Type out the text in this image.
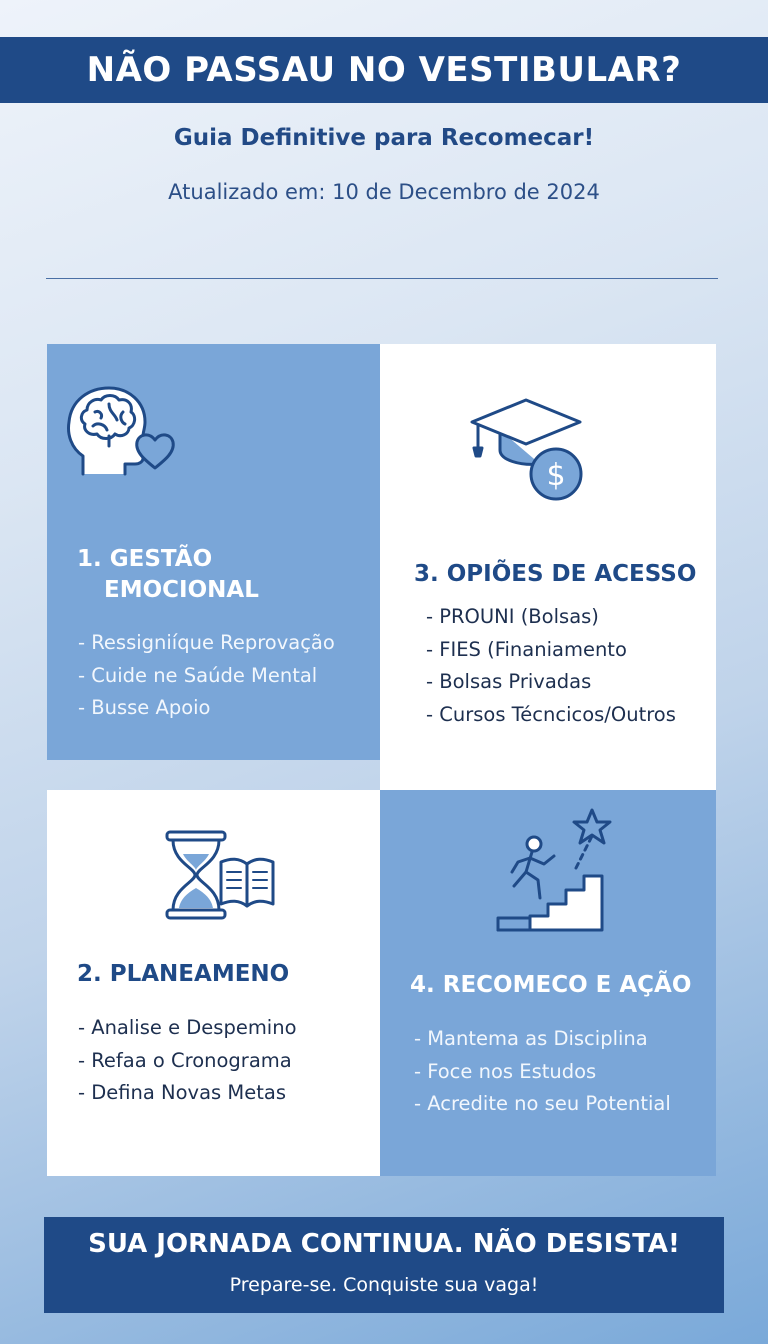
NÃO PASSAU NO VESTIBULAR?
Guia Definitive para Recomecar!
Atualizado em: 10 de Decembro de 2024
1. GESTÃO
EMOCIONAL
- Ressigniíque Reprovação
- Cuide ne Saúde Mental
- Busse Apoio
$
3. OPIÕES DE ACESSO
- PROUNI (Bolsas)
- FIES (Finaniamento
- Bolsas Privadas
- Cursos Técncicos/Outros
2. PLANEAMENO
- Analise e Despemino
- Refaa o Cronograma
- Defina Novas Metas
4. RECOMECO E AÇÃO
- Mantema as Disciplina
- Foce nos Estudos
- Acredite no seu Potential
SUA JORNADA CONTINUA. NÃO DESISTA!
Prepare-se. Conquiste sua vaga!
